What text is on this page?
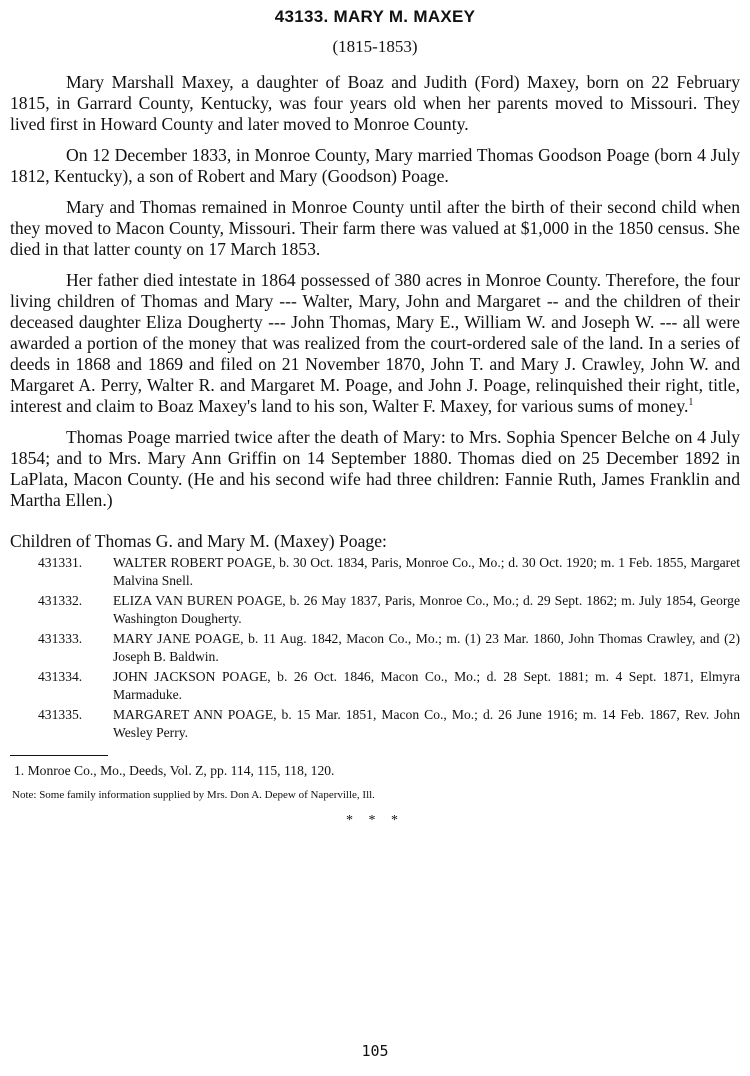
43133. MARY M. MAXEY
(1815-1853)

Mary Marshall Maxey, a daughter of Boaz and Judith (Ford) Maxey, born on 22 February 1815, in Garrard County, Kentucky, was four years old when her parents moved to Missouri. They lived first in Howard County and later moved to Monroe County.

On 12 December 1833, in Monroe County, Mary married Thomas Goodson Poage (born 4 July 1812, Kentucky), a son of Robert and Mary (Goodson) Poage.

Mary and Thomas remained in Monroe County until after the birth of their second child when they moved to Macon County, Missouri. Their farm there was valued at $1,000 in the 1850 census. She died in that latter county on 17 March 1853.

Her father died intestate in 1864 possessed of 380 acres in Monroe County. Therefore, the four living children of Thomas and Mary --- Walter, Mary, John and Margaret -- and the children of their deceased daughter Eliza Dougherty --- John Thomas, Mary E., William W. and Joseph W. --- all were awarded a portion of the money that was realized from the court-ordered sale of the land. In a series of deeds in 1868 and 1869 and filed on 21 November 1870, John T. and Mary J. Crawley, John W. and Margaret A. Perry, Walter R. and Margaret M. Poage, and John J. Poage, relinquished their right, title, interest and claim to Boaz Maxey's land to his son, Walter F. Maxey, for various sums of money.$^1$

Thomas Poage married twice after the death of Mary: to Mrs. Sophia Spencer Belche on 4 July 1854; and to Mrs. Mary Ann Griffin on 14 September 1880. Thomas died on 25 December 1892 in LaPlata, Macon County. (He and his second wife had three children: Fannie Ruth, James Franklin and Martha Ellen.)

Children of Thomas G. and Mary M. (Maxey) Poage:
431331.	WALTER ROBERT POAGE, b. 30 Oct. 1834, Paris, Monroe Co., Mo.; d. 30 Oct. 1920; m. 1 Feb. 1855, Margaret Malvina Snell.
431332.	ELIZA VAN BUREN POAGE, b. 26 May 1837, Paris, Monroe Co., Mo.; d. 29 Sept. 1862; m. July 1854, George Washington Dougherty.
431333.	MARY JANE POAGE, b. 11 Aug. 1842, Macon Co., Mo.; m. (1) 23 Mar. 1860, John Thomas Crawley, and (2) Joseph B. Baldwin.
431334.	JOHN JACKSON POAGE, b. 26 Oct. 1846, Macon Co., Mo.; d. 28 Sept. 1881; m. 4 Sept. 1871, Elmyra Marmaduke.
431335.	MARGARET ANN POAGE, b. 15 Mar. 1851, Macon Co., Mo.; d. 26 June 1916; m. 14 Feb. 1867, Rev. John Wesley Perry.

1. Monroe Co., Mo., Deeds, Vol. Z, pp. 114, 115, 118, 120.

Note: Some family information supplied by Mrs. Don A. Depew of Naperville, Ill.

* * *
105
